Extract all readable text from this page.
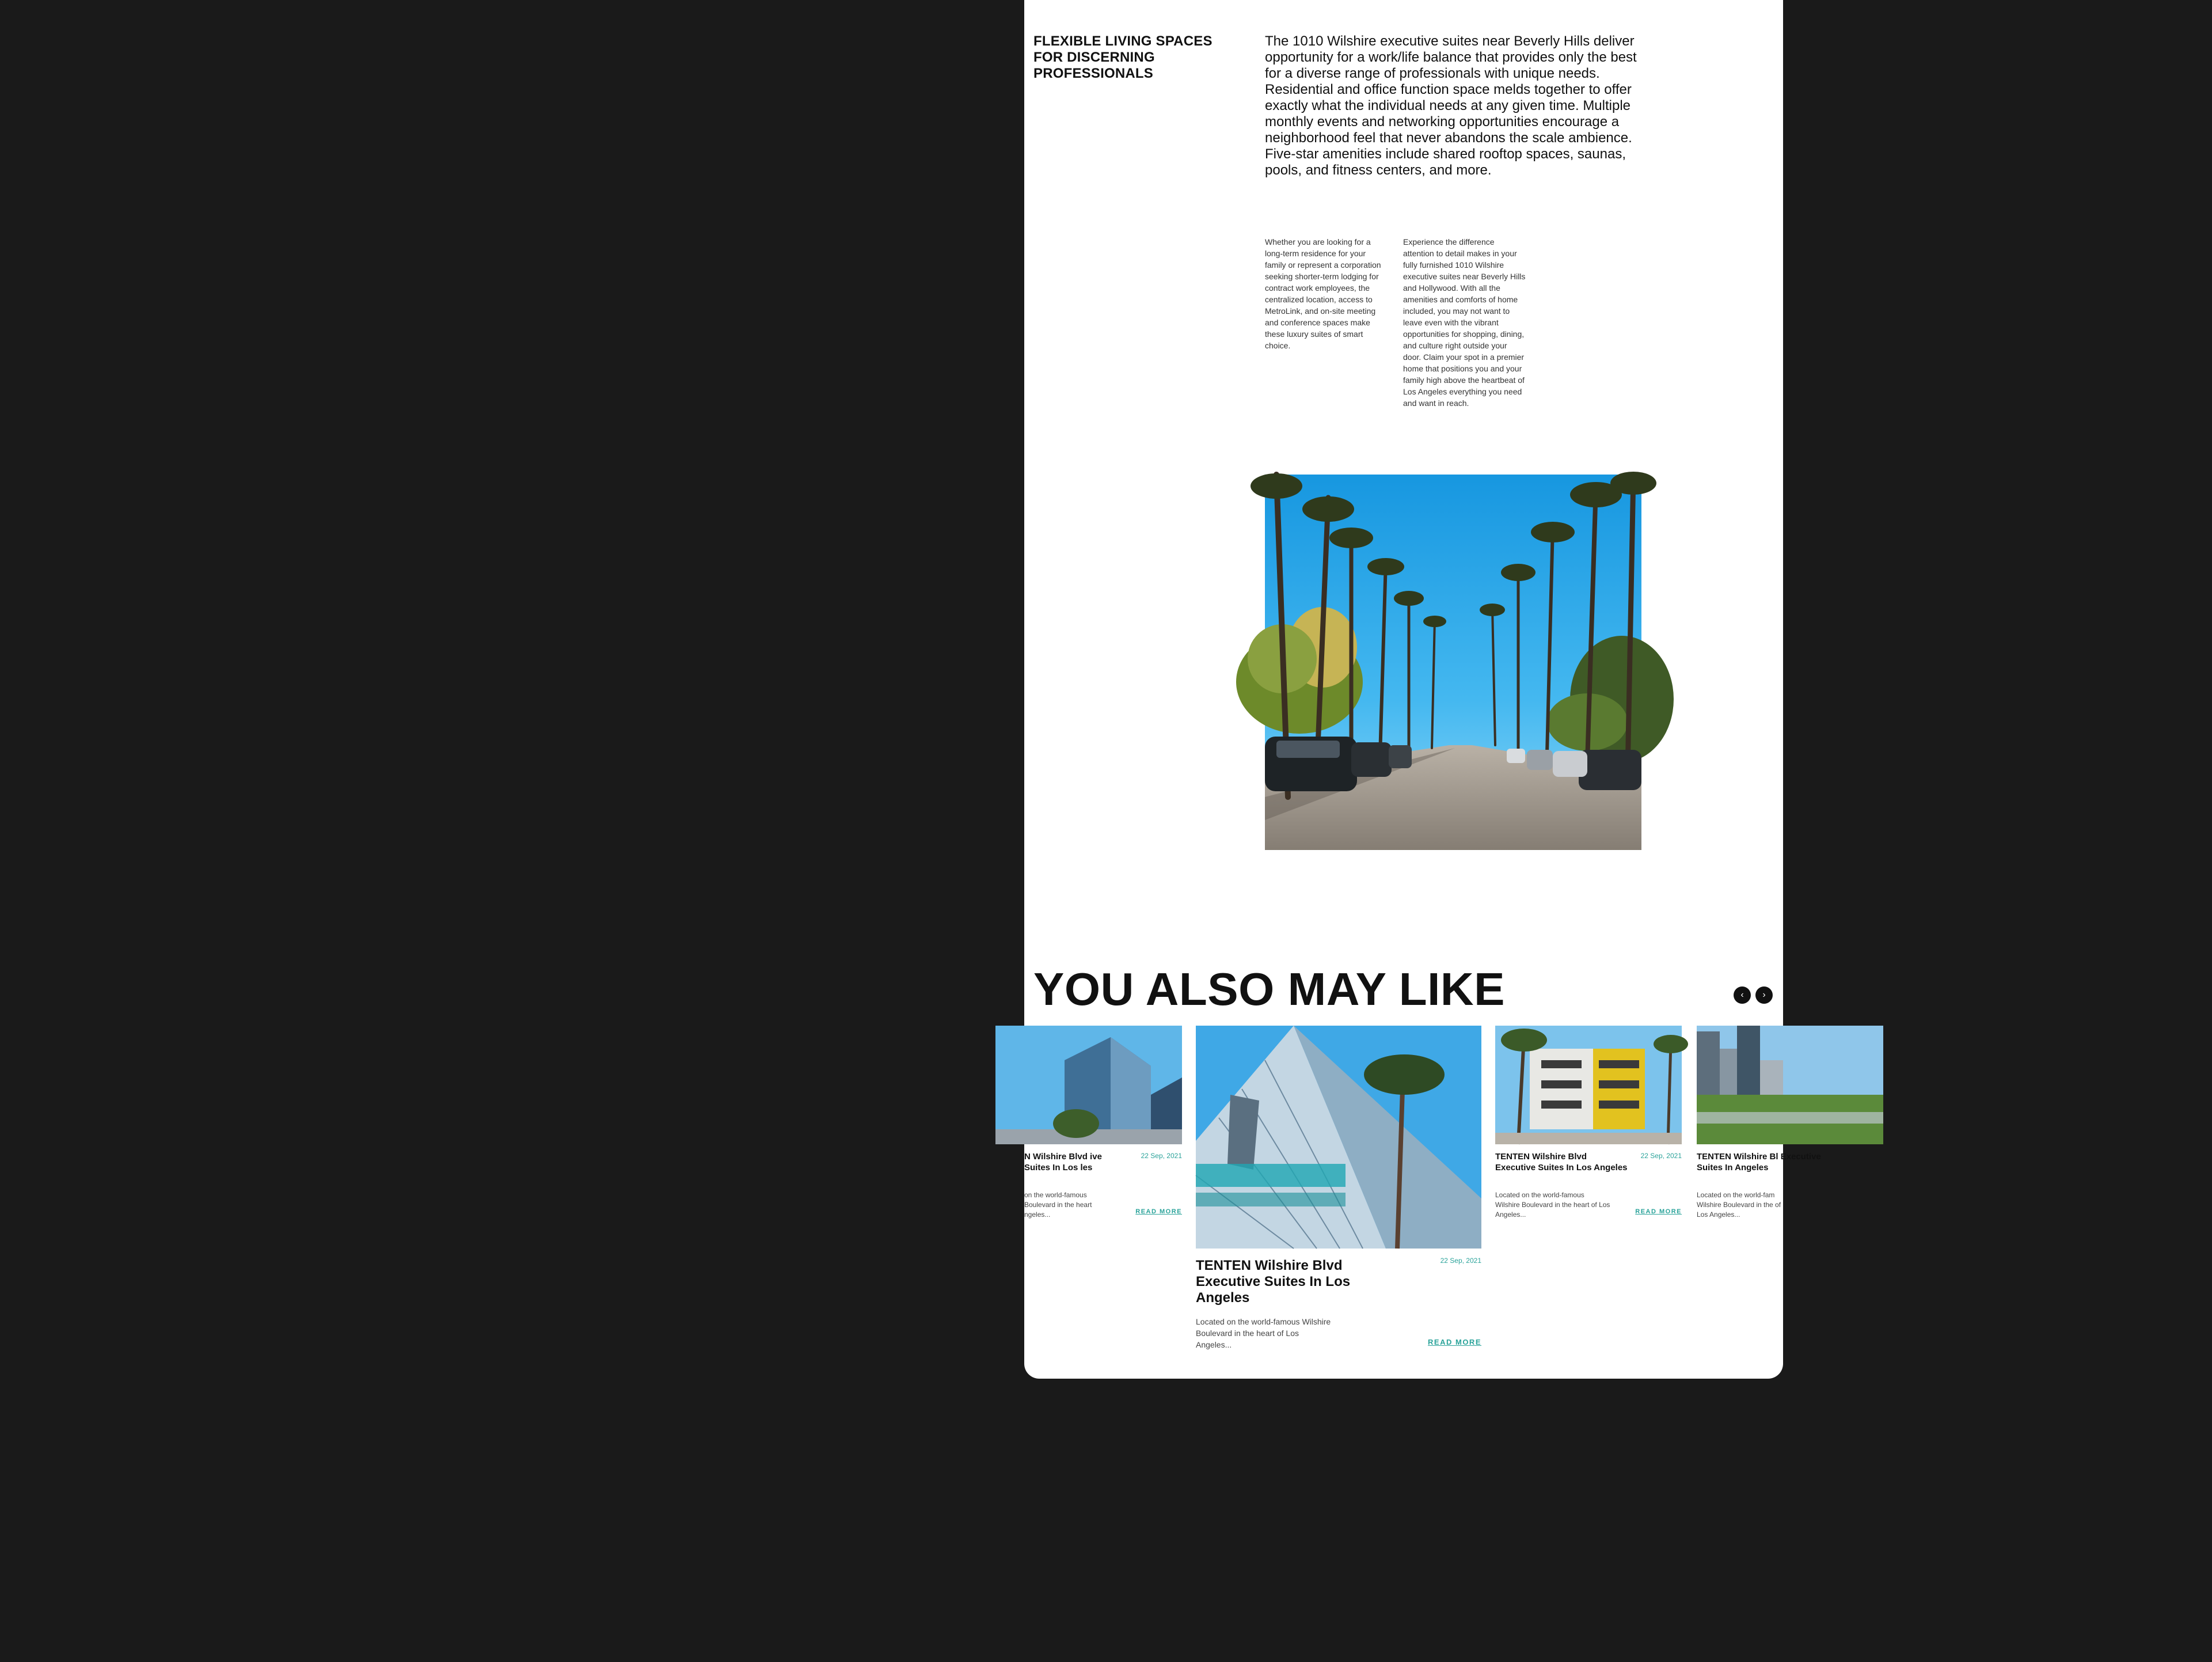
FLEXIBLE LIVING SPACES FOR DISCERNING PROFESSIONALS
The 1010 Wilshire executive suites near Beverly Hills deliver opportunity for a work/life balance that provides only the best for a diverse range of professionals with unique needs. Residential and office function space melds together to offer exactly what the individual needs at any given time. Multiple monthly events and networking opportunities encourage a neighborhood feel that never abandons the scale ambience. Five-star amenities include shared rooftop spaces, saunas, pools, and fitness centers, and more.
Whether you are looking for a long-term residence for your family or represent a corporation seeking shorter-term lodging for contract work employees, the centralized location, access to MetroLink, and on-site meeting and conference spaces make these luxury suites of smart choice.
Experience the difference attention to detail makes in your fully furnished 1010 Wilshire executive suites near Beverly Hills and Hollywood. With all the amenities and comforts of home included, you may not want to leave even with the vibrant opportunities for shopping, dining, and culture right outside your door. Claim your spot in a premier home that positions you and your family high above the heartbeat of Los Angeles everything you need and want in reach.
YOU ALSO MAY LIKE	‹	›
N Wilshire Blvd ive Suites In Los les
22 Sep, 2021
on the world-famous Boulevard in the heart ngeles...	READ MORE
TENTEN Wilshire Blvd Executive Suites In Los Angeles
22 Sep, 2021
Located on the world-famous Wilshire Boulevard in the heart of Los Angeles...	READ MORE
TENTEN Wilshire Blvd Executive Suites In Los Angeles
22 Sep, 2021
Located on the world-famous Wilshire Boulevard in the heart of Los Angeles...	READ MORE
TENTEN Wilshire Bl Executive Suites In Angeles
Located on the world-fam Wilshire Boulevard in the of Los Angeles...
